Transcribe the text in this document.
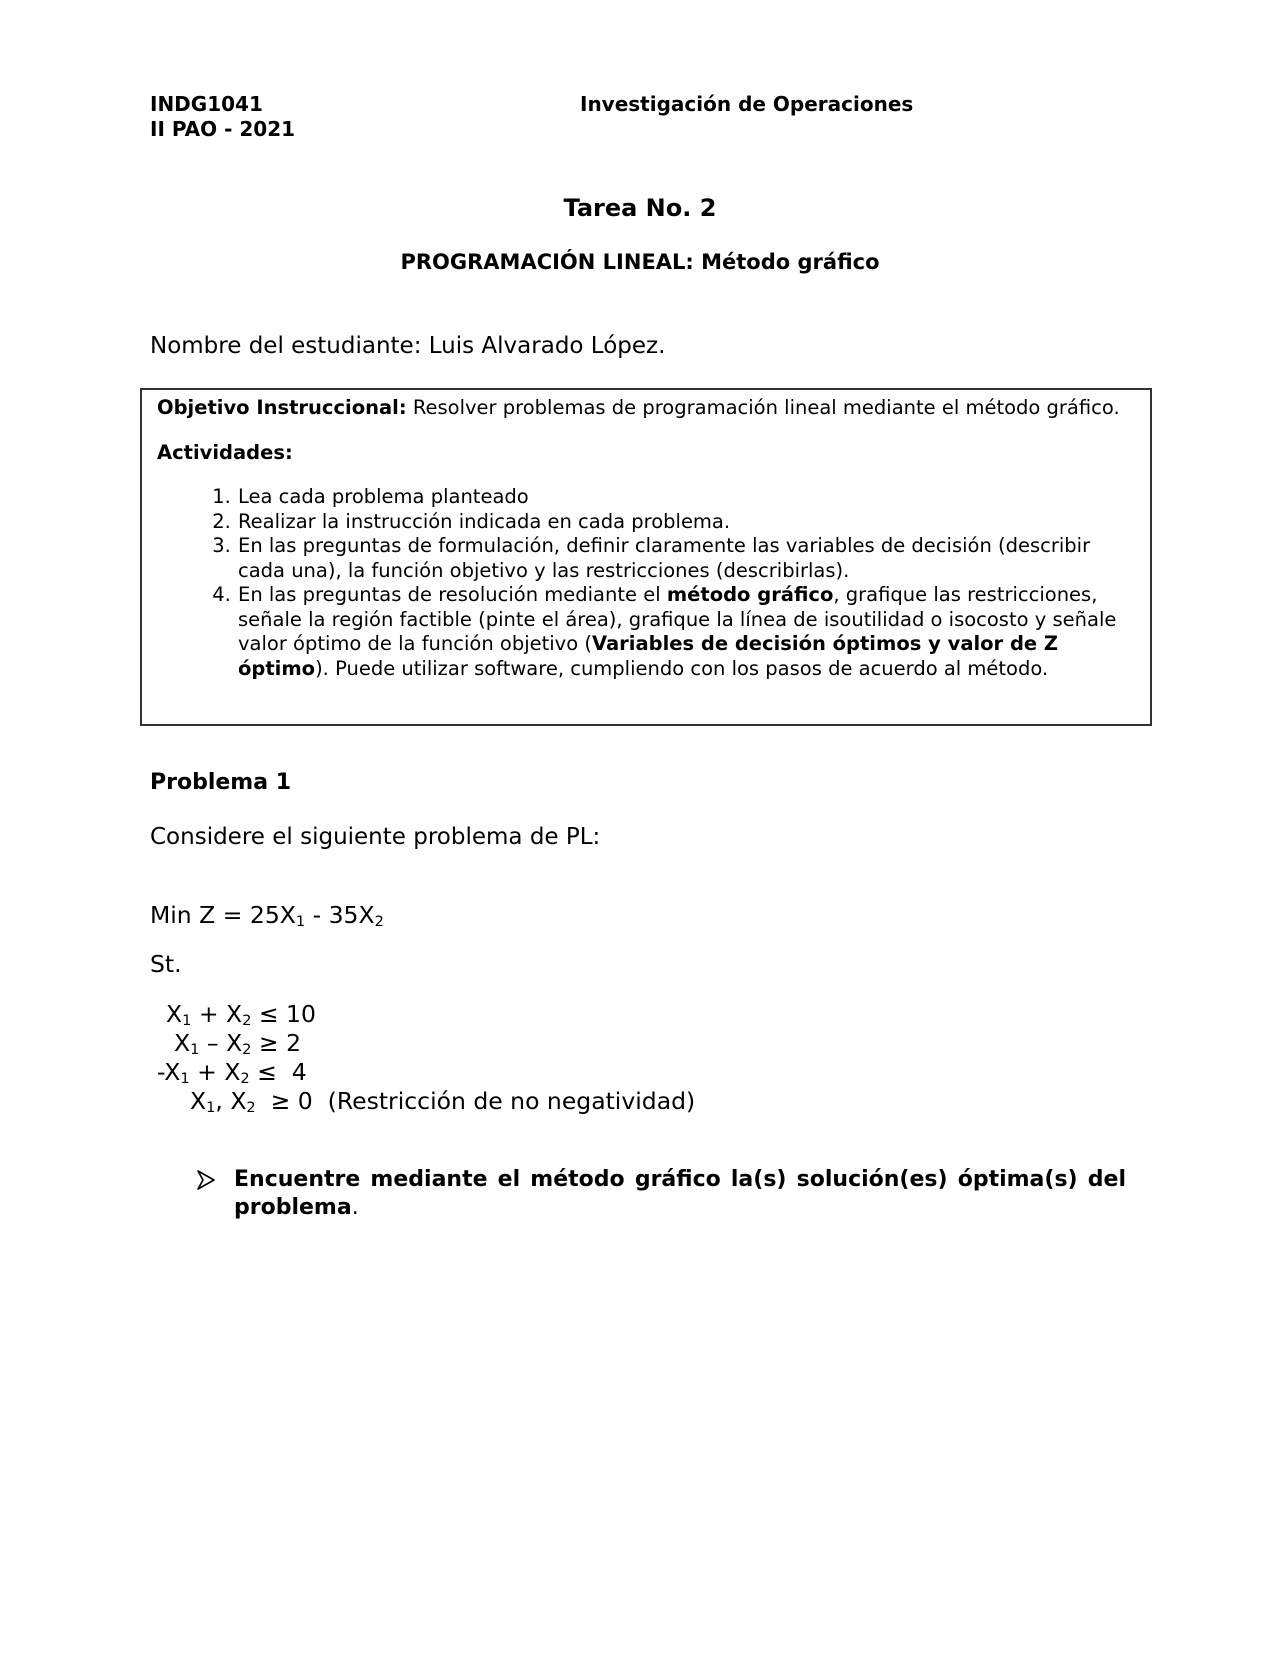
INDG1041
II PAO - 2021
Investigación de Operaciones
Tarea No. 2
PROGRAMACIÓN LINEAL: Método gráfico
Nombre del estudiante: Luis Alvarado López.

Objetivo Instruccional: Resolver problemas de programación lineal mediante el método gráfico.

Actividades:

1. Lea cada problema planteado
2. Realizar la instrucción indicada en cada problema.
3. En las preguntas de formulación, definir claramente las variables de decisión (describir cada una), la función objetivo y las restricciones (describirlas).
4. En las preguntas de resolución mediante el método gráfico, grafique las restricciones, señale la región factible (pinte el área), grafique la línea de isoutilidad o isocosto y señale valor óptimo de la función objetivo (Variables de decisión óptimos y valor de Z óptimo). Puede utilizar software, cumpliendo con los pasos de acuerdo al método.
Problema 1
Considere el siguiente problema de PL:
Min $Z = 25X_1 - 35X_2$
St.
$X_1 + X_2 \le 10$
$X_1 - X_2 \ge 2$
$-X_1 + X_2 \le 4$
$X_1$, $X_2 \ge 0$  (Restricción de no negatividad)
Encuentre mediante el método gráfico la(s) solución(es) óptima(s) del problema.
